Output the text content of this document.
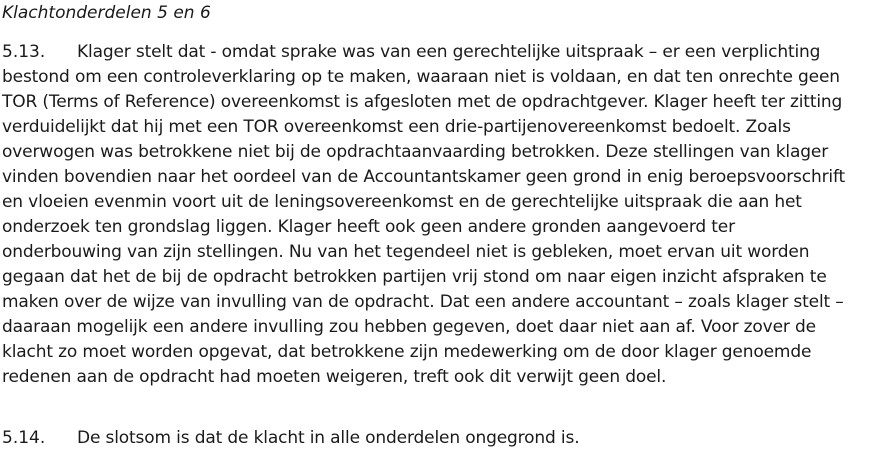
Klachtonderdelen 5 en 6
5.13. Klager stelt dat - omdat sprake was van een gerechtelijke uitspraak – er een verplichting
bestond om een controleverklaring op te maken, waaraan niet is voldaan, en dat ten onrechte geen
TOR (Terms of Reference) overeenkomst is afgesloten met de opdrachtgever. Klager heeft ter zitting
verduidelijkt dat hij met een TOR overeenkomst een drie-partijenovereenkomst bedoelt. Zoals
overwogen was betrokkene niet bij de opdrachtaanvaarding betrokken. Deze stellingen van klager
vinden bovendien naar het oordeel van de Accountantskamer geen grond in enig beroepsvoorschrift
en vloeien evenmin voort uit de leningsovereenkomst en de gerechtelijke uitspraak die aan het
onderzoek ten grondslag liggen. Klager heeft ook geen andere gronden aangevoerd ter
onderbouwing van zijn stellingen. Nu van het tegendeel niet is gebleken, moet ervan uit worden
gegaan dat het de bij de opdracht betrokken partijen vrij stond om naar eigen inzicht afspraken te
maken over de wijze van invulling van de opdracht. Dat een andere accountant – zoals klager stelt –
daaraan mogelijk een andere invulling zou hebben gegeven, doet daar niet aan af. Voor zover de
klacht zo moet worden opgevat, dat betrokkene zijn medewerking om de door klager genoemde
redenen aan de opdracht had moeten weigeren, treft ook dit verwijt geen doel.
5.14. De slotsom is dat de klacht in alle onderdelen ongegrond is.
